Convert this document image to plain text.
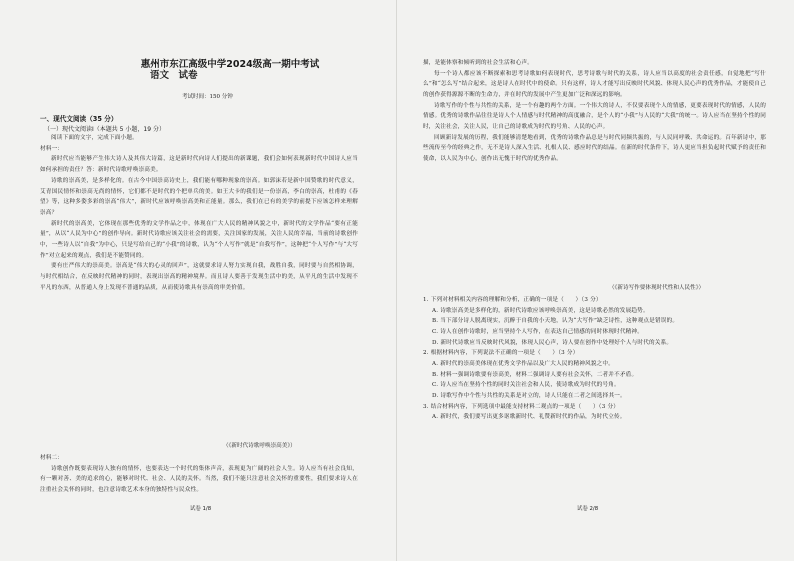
惠州市东江高级中学2024级高一期中考试
语文　试卷
考试时间：150 分钟
一、现代文阅读（35 分）
（一）现代文阅读Ⅰ（本题共 5 小题，19 分）

阅读下面的文字，完成下面小题。

材料一：

新时代应当能够产生伟大诗人及其伟大诗篇，这是新时代向诗人们提出的新课题，我们会如何表现新时代中国诗人应当如何承担的责任？答：新时代诗歌呼唤崇高美。

诗歌的崇高美，是多样化的。在古今中国崇高诗史上，我们能有哪种现象的崇高。如郭沫若是新中国赞歌的时代意义，艾青国民情怀和崇高无尚的情怀，它们都不是时代的个把单兵的美。如王大卡的我们是一份崇高，李白的崇高，杜甫的《春望》等，这种多姿多彩的崇高“伟大”，新时代应该呼唤崇高美和正能量。那么，我们在已有的美学的前提下应该怎样来理解崇高？

新时代的崇高美，它体现在那些优秀的文学作品之中，体现在广大人民的精神风貌之中，新时代的文学作品“要有正能量”，从以“人民为中心”的创作导向。新时代诗歌应该关注社会的需要，关注国家的发展，关注人民的幸福，当前的诗歌创作中，一些诗人以“自我”为中心，只是写给自己的“小我”的诗歌，认为“个人写作”就是“自我写作”，这种把“个人写作”与“大写作”对立起来的观点，我们是不能赞同的。

要有庄严伟大的崇高美。崇高是“伟大的心灵的回声”，这就要求诗人努力实现自我，战胜自我，同时要与自然相协调，与时代相结合，在反映时代精神的同时，表现出崇高的精神境界。而且诗人要善于发现生活中的美，从平凡的生活中发现不平凡的东西，从普通人身上发现不普通的品质，从而使诗歌具有崇高的审美价值。

（《新时代诗歌呼唤崇高美》）

材料二：

诗歌创作既要表现诗人独有的情怀，也要表达一个时代的集体声音，表现更为广阔的社会人生。诗人应当有社会良知，有一颗对善、美的追求的心，能够对时代、社会、人民的关怀。当然，我们不能只注意社会关怀的重要性，我们要求诗人在注重社会关怀的同时，也注意诗歌艺术本身的独特性与民众性。

试卷 1/8

描，是能体察和倾听到的社会生活和心声。

每一个诗人都应该不断探索和思考诗歌如何表现时代，思考诗歌与时代的关系，诗人应当以高度的社会责任感，自觉地把“写什么”和“怎么写”结合起来，这是诗人在时代中的使命。只有这样，诗人才能写出反映时代风貌、体现人民心声的优秀作品，才能使自己的创作获得源源不断的生命力，并在时代的发展中产生更加广泛和深远的影响。

诗歌写作的个性与共性的关系，是一个有趣的两个方面。一个伟大的诗人，不仅要表现个人的情感，更要表现时代的情感，人民的情感。优秀的诗歌作品往往是诗人个人情感与时代精神的高度融合，是个人的“小我”与人民的“大我”的统一。诗人应当在坚持个性的同时，关注社会，关注人民，让自己的诗歌成为时代的号角、人民的心声。

回顾新诗发展的历程，我们能够清楚地看到，优秀的诗歌作品总是与时代同频共振的，与人民同呼吸、共命运的。百年新诗中，那些流传至今的经典之作，无不是诗人深入生活、扎根人民、感应时代的结晶。在新的时代条件下，诗人更应当担负起时代赋予的责任和使命，以人民为中心，创作出无愧于时代的优秀作品。

（《新诗写作要体现时代性和人民性》）

1. 下列对材料相关内容的理解和分析，正确的一项是（　　）（3 分）

A. 诗歌崇高美是多样化的，新时代诗歌应该呼唤崇高美，这是诗歌必然的发展趋势。

B. 当下部分诗人脱离现实，沉醉于自我的小天地，认为“大写作”缺乏诗性，这种观点是错误的。

C. 诗人在创作诗歌时，应当坚持个人写作，在表达自己情感的同时体现时代精神。

D. 新时代诗歌应当反映时代风貌，体现人民心声，诗人要在创作中处理好个人与时代的关系。

2. 根据材料内容，下列说法不正确的一项是（　　）（3 分）

A. 新时代的崇高美体现在优秀文学作品以及广大人民的精神风貌之中。

B. 材料一强调诗歌要有崇高美，材料二强调诗人要有社会关怀，二者并不矛盾。

C. 诗人应当在坚持个性的同时关注社会和人民，使诗歌成为时代的号角。

D. 诗歌写作中个性与共性的关系是对立的，诗人只能在二者之间选择其一。

3. 结合材料内容，下列选项中最能支持材料二观点的一项是（　　）（3 分）

A. 新时代，我们要写出更多讴歌新时代、礼赞新时代的作品，为时代立传。

试卷 2/8
